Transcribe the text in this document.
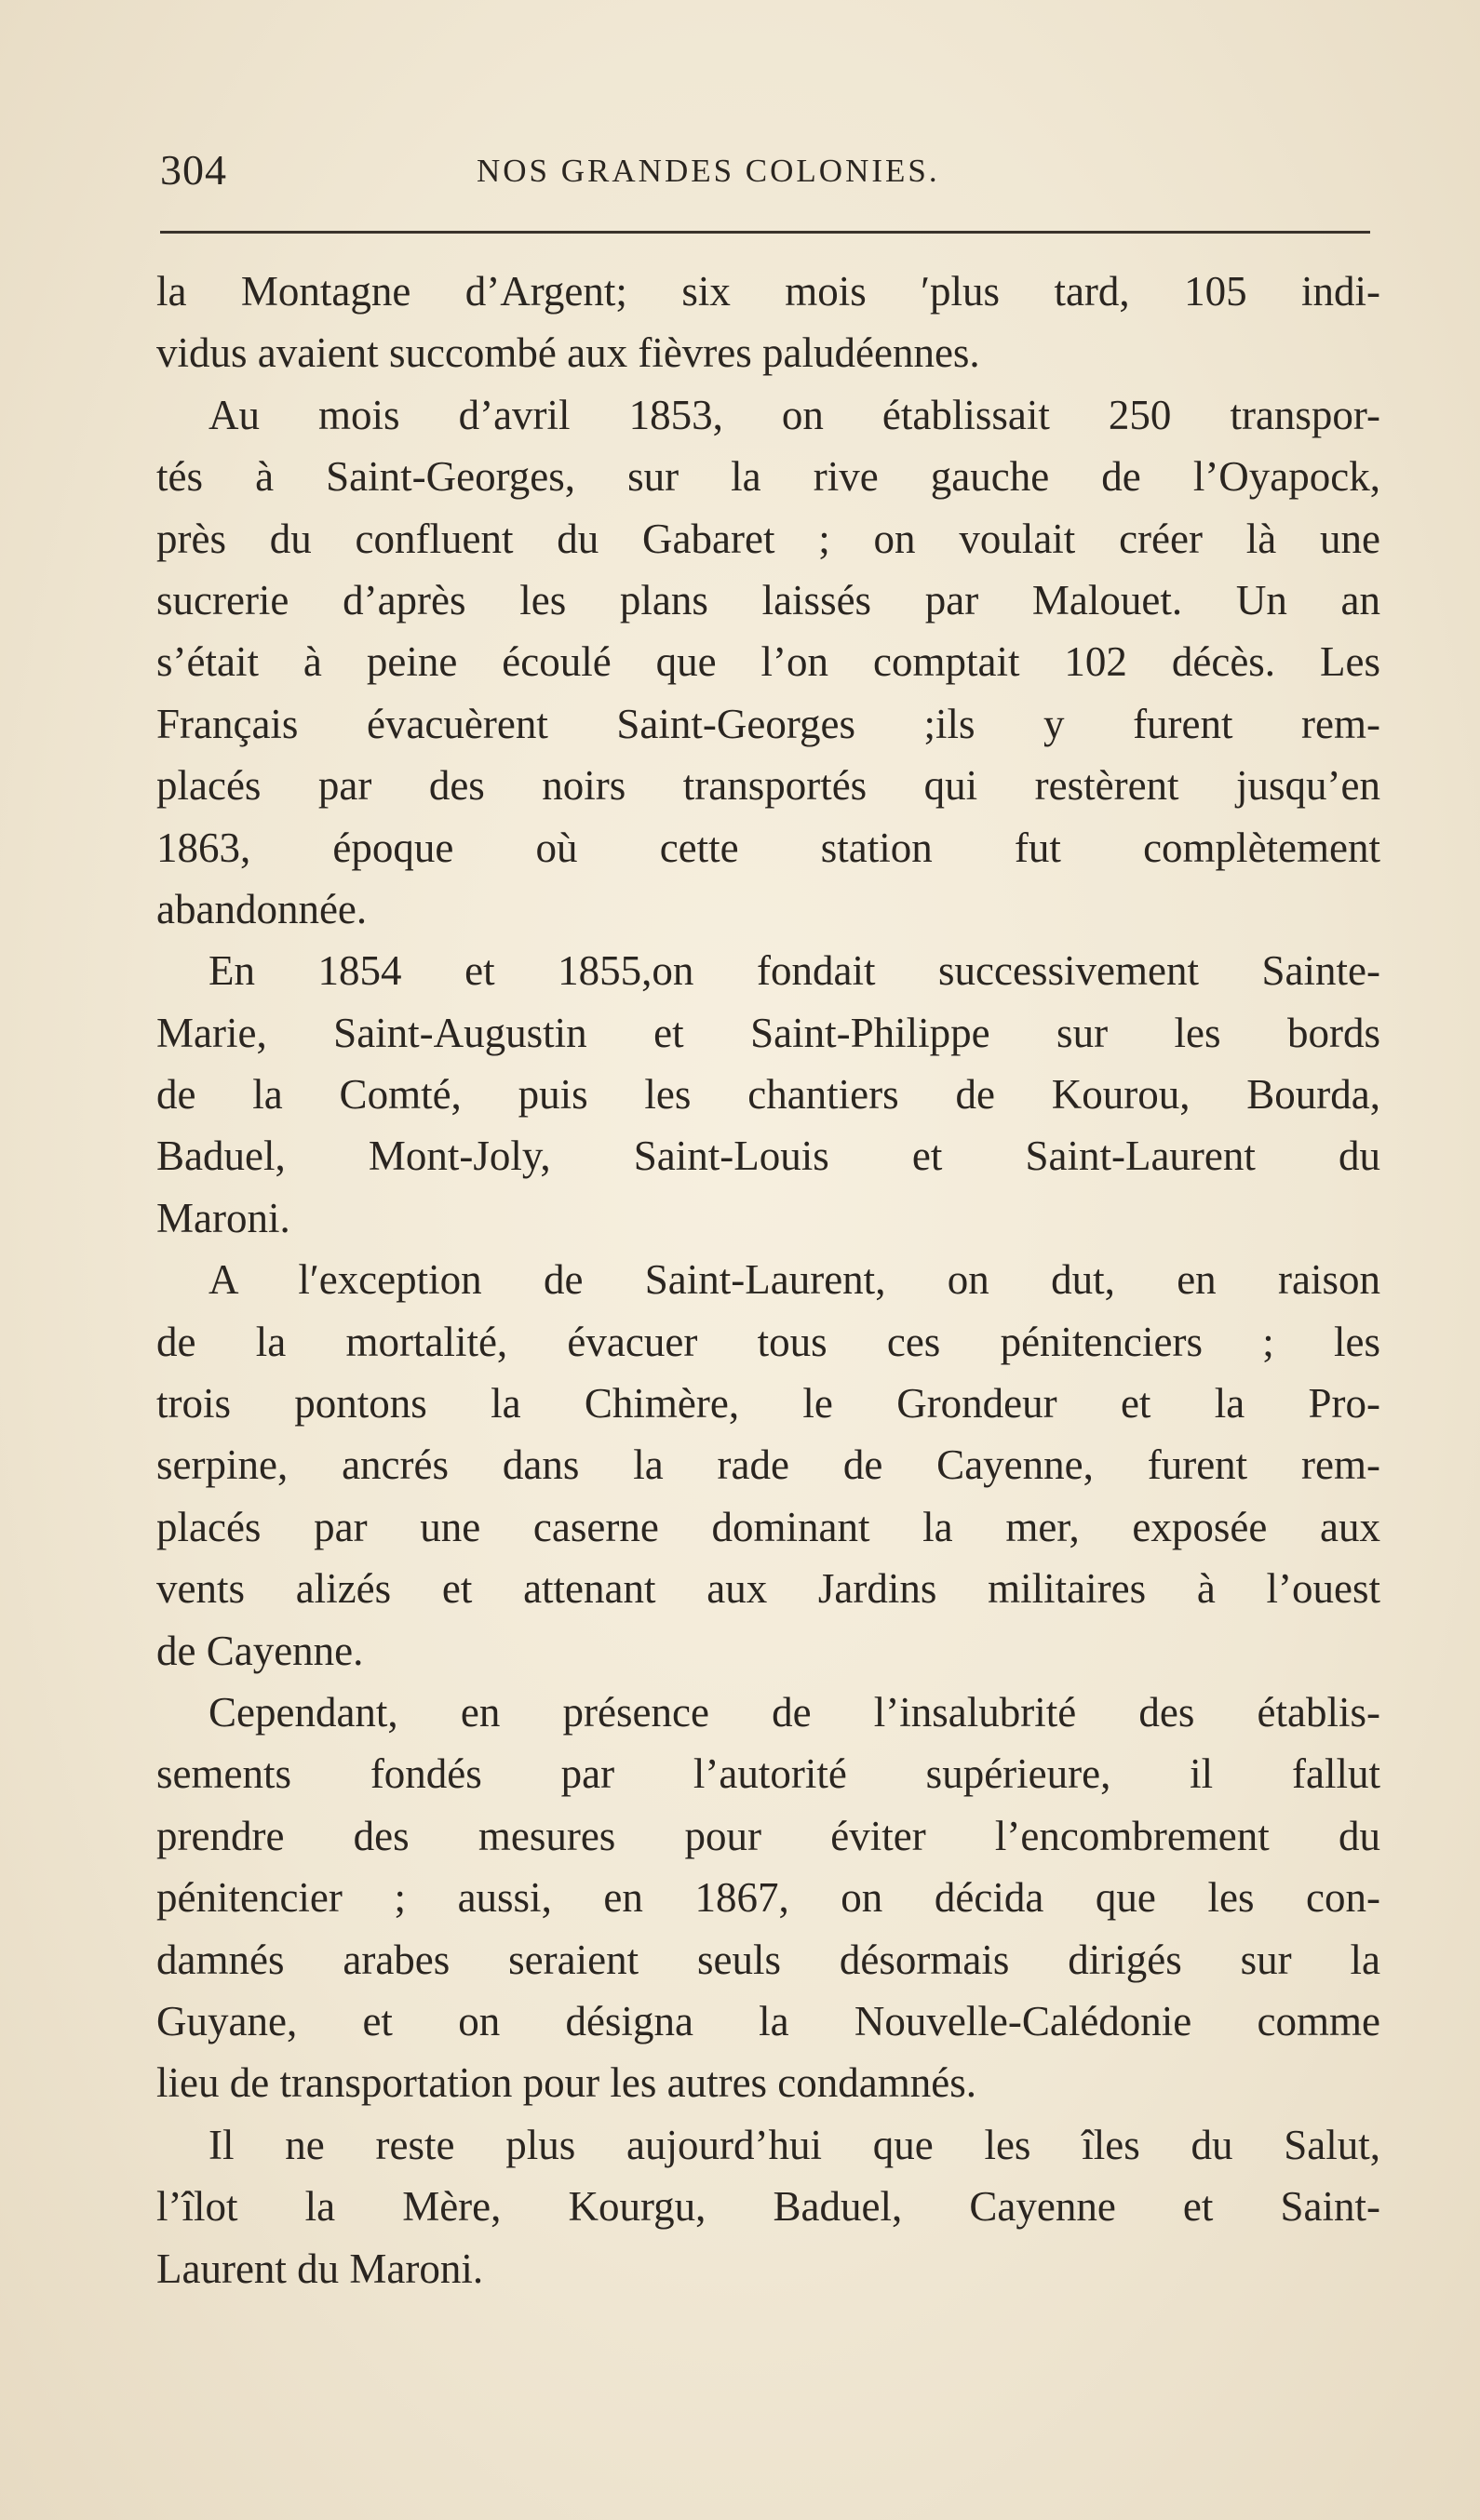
304	NOS GRANDES COLONIES.
la Montagne d’Argent; six mois ʹplus tard, 105 indi-
vidus avaient succombé aux fièvres paludéennes.
Au mois d’avril 1853, on établissait 250 transpor-
tés à Saint-Georges, sur la rive gauche de l’Oyapock,
près du confluent du Gabaret ; on voulait créer là une
sucrerie d’après les plans laissés par Malouet. Un an
s’était à peine écoulé que l’on comptait 102 décès. Les
Français évacuèrent Saint-Georges ;ils y furent rem-
placés par des noirs transportés qui restèrent jusqu’en
1863, époque où cette station fut complètement
abandonnée.
En 1854 et 1855,on fondait successivement Sainte-
Marie, Saint-Augustin et Saint-Philippe sur les bords
de la Comté, puis les chantiers de Kourou, Bourda,
Baduel, Mont-Joly, Saint-Louis et Saint-Laurent du
Maroni.
A lʹexception de Saint-Laurent, on dut, en raison
de la mortalité, évacuer tous ces pénitenciers ; les
trois pontons la Chimère, le Grondeur et la Pro-
serpine, ancrés dans la rade de Cayenne, furent rem-
placés par une caserne dominant la mer, exposée aux
vents alizés et attenant aux Jardins militaires à l’ouest
de Cayenne.
Cependant, en présence de l’insalubrité des établis-
sements fondés par l’autorité supérieure, il fallut
prendre des mesures pour éviter l’encombrement du
pénitencier ; aussi, en 1867, on décida que les con-
damnés arabes seraient seuls désormais dirigés sur la
Guyane, et on désigna la Nouvelle-Calédonie comme
lieu de transportation pour les autres condamnés.
Il ne reste plus aujourd’hui que les îles du Salut,
l’îlot la Mère, Kourgu, Baduel, Cayenne et Saint-
Laurent du Maroni.
